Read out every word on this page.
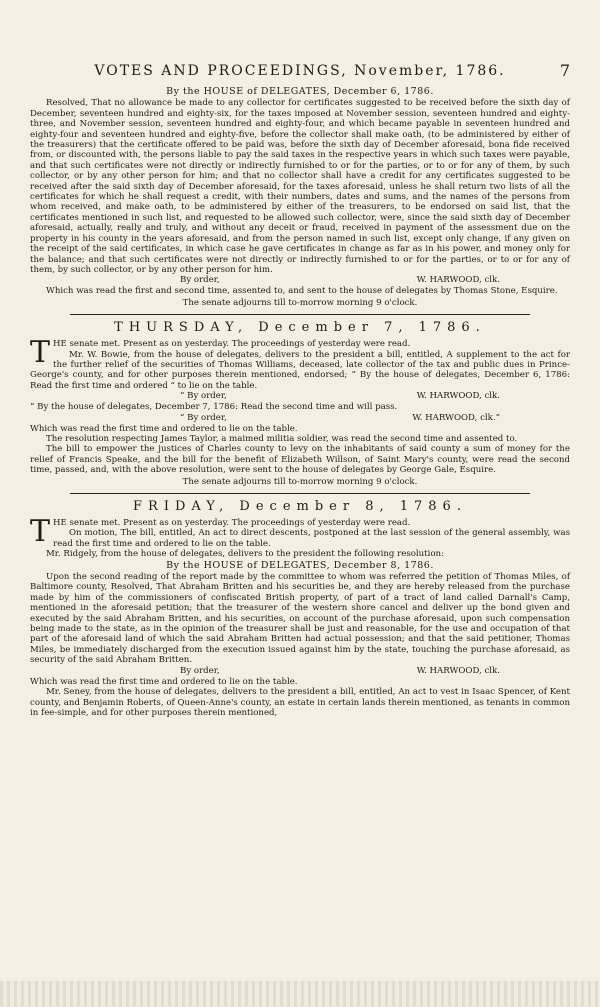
VOTES AND PROCEEDINGS, November, 1786.	7
By the HOUSE of DELEGATES, December 6, 1786.

Resolved, That no allowance be made to any collector for certificates suggested to be received before the sixth day of December, seventeen hundred and eighty-six, for the taxes imposed at November session, seventeen hundred and eighty-three, and November session, seventeen hundred and eighty-four, and which became payable in seventeen hundred and eighty-four and seventeen hundred and eighty-five, before the collector shall make oath, (to be administered by either of the treasurers) that the certificate offered to be paid was, before the sixth day of December aforesaid, bona fide received from, or discounted with, the persons liable to pay the said taxes in the respective years in which such taxes were payable, and that such certificates were not directly or indirectly furnished to or for the parties, or to or for any of them, by such collector, or by any other person for him; and that no collector shall have a credit for any certificates suggested to be received after the said sixth day of December aforesaid, for the taxes aforesaid, unless he shall return two lists of all the certificates for which he shall request a credit, with their numbers, dates and sums, and the names of the persons from whom received, and make oath, to be administered by either of the treasurers, to be endorsed on said list, that the certificates mentioned in such list, and requested to be allowed such collector, were, since the said sixth day of December aforesaid, actually, really and truly, and without any deceit or fraud, received in payment of the assessment due on the property in his county in the years aforesaid, and from the person named in such list, except only change, if any given on the receipt of the said certificates, in which case he gave certificates in change as far as in his power, and money only for the balance; and that such certificates were not directly or indirectly furnished to or for the parties, or to or for any of them, by such collector, or by any other person for him.

By order,	W. HARWOOD, clk.

Which was read the first and second time, assented to, and sent to the house of delegates by Thomas Stone, Esquire.

The senate adjourns till to-morrow morning 9 o'clock.

THURSDAY, December 7, 1786.
T HE senate met. Present as on yesterday. The proceedings of yesterday were read.

Mr. W. Bowie, from the house of delegates, delivers to the president a bill, entitled, A supplement to the act for the further relief of the securities of Thomas Williams, deceased, late collector of the tax and public dues in Prince-George's county, and for other purposes therein mentioned, endorsed; “ By the house of delegates, December 6, 1786: Read the first time and ordered “ to lie on the table.

“ By order,	W. HARWOOD, clk.

“ By the house of delegates, December 7, 1786: Read the second time and will pass.

“ By order,	W. HARWOOD, clk.”

Which was read the first time and ordered to lie on the table.

The resolution respecting James Taylor, a maimed militia soldier, was read the second time and assented to.

The bill to empower the justices of Charles county to levy on the inhabitants of said county a sum of money for the relief of Francis Speake, and the bill for the benefit of Elizabeth Willson, of Saint Mary's county, were read the second time, passed, and, with the above resolution, were sent to the house of delegates by George Gale, Esquire.

The senate adjourns till to-morrow morning 9 o'clock.

FRIDAY, December 8, 1786.
T HE senate met. Present as on yesterday. The proceedings of yesterday were read.

On motion, The bill, entitled, An act to direct descents, postponed at the last session of the general assembly, was read the first time and ordered to lie on the table.

Mr. Ridgely, from the house of delegates, delivers to the president the following resolution:

By the HOUSE of DELEGATES, December 8, 1786.

Upon the second reading of the report made by the committee to whom was referred the petition of Thomas Miles, of Baltimore county, Resolved, That Abraham Britten and his securities be, and they are hereby released from the purchase made by him of the commissioners of confiscated British property, of part of a tract of land called Darnall's Camp, mentioned in the aforesaid petition; that the treasurer of the western shore cancel and deliver up the bond given and executed by the said Abraham Britten, and his securities, on account of the purchase aforesaid, upon such compensation being made to the state, as in the opinion of the treasurer shall be just and reasonable, for the use and occupation of that part of the aforesaid land of which the said Abraham Britten had actual possession; and that the said petitioner, Thomas Miles, be immediately discharged from the execution issued against him by the state, touching the purchase aforesaid, as security of the said Abraham Britten.

By order,	W. HARWOOD, clk.

Which was read the first time and ordered to lie on the table.

Mr. Seney, from the house of delegates, delivers to the president a bill, entitled, An act to vest in Isaac Spencer, of Kent county, and Benjamin Roberts, of Queen-Anne's county, an estate in certain lands therein mentioned, as tenants in common in fee-simple, and for other purposes therein mentioned,
